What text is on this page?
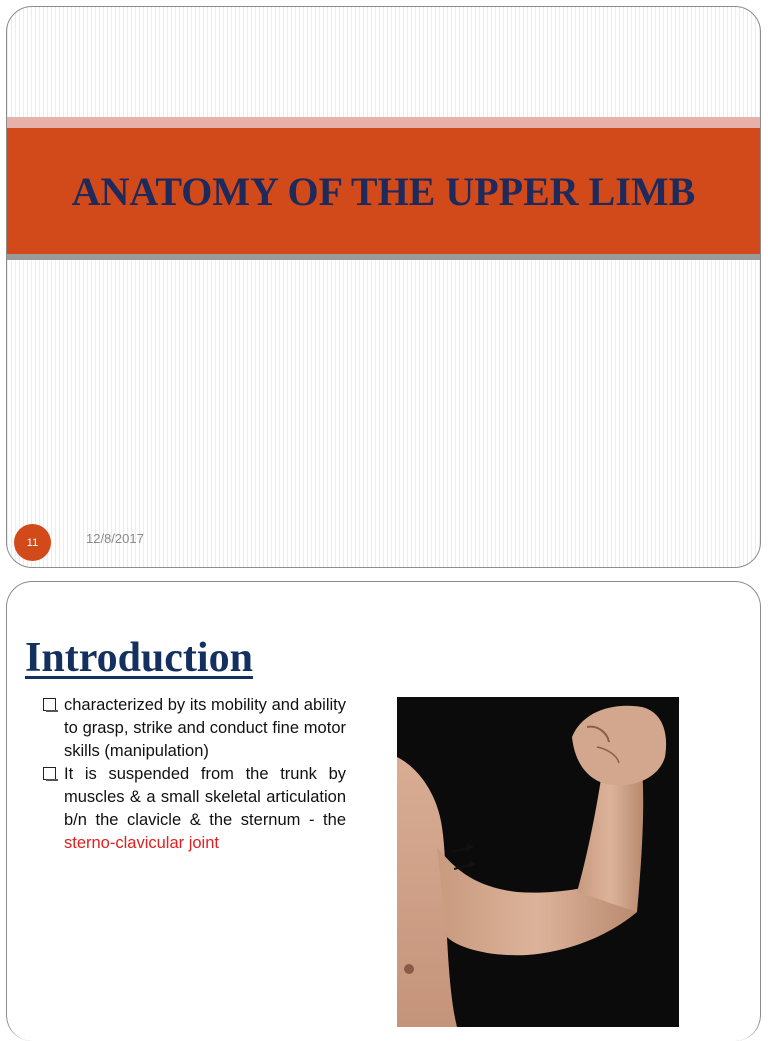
ANATOMY OF THE UPPER LIMB
11	12/8/2017
Introduction
characterized by its mobility and ability to grasp, strike and conduct fine motor skills (manipulation)
It is suspended from the trunk by muscles & a small skeletal articulation b/n the clavicle & the sternum - the sterno-clavicular joint
